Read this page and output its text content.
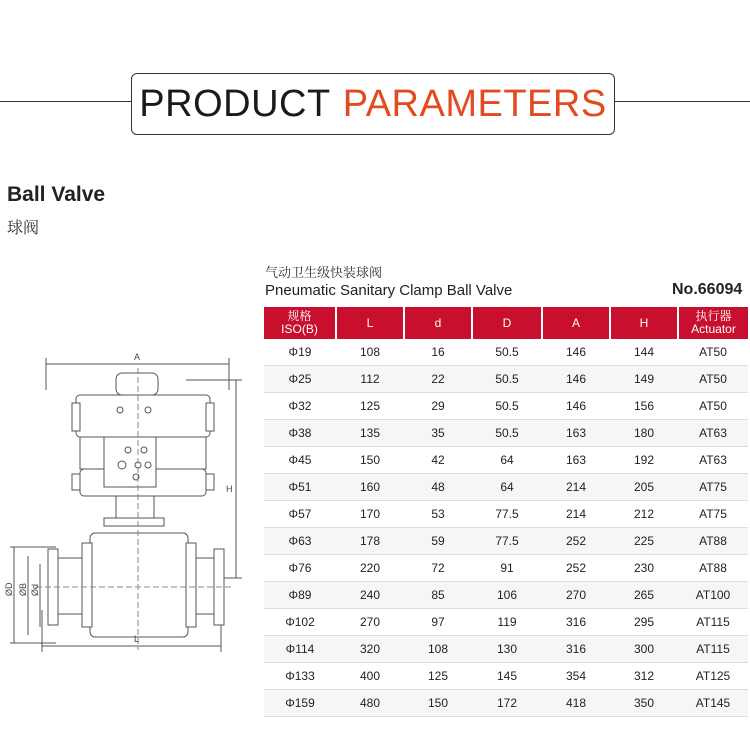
PRODUCT PARAMETERS
Ball Valve
球阀
气动卫生级快装球阀
Pneumatic Sanitary Clamp Ball Valve	No.66094
A
H
L
ØD ØB Ød
规格
ISO(B)	L	d	D	A	H	执行器
Actuator
Φ19	108	16	50.5	146	144	AT50
Φ25	112	22	50.5	146	149	AT50
Φ32	125	29	50.5	146	156	AT50
Φ38	135	35	50.5	163	180	AT63
Φ45	150	42	64	163	192	AT63
Φ51	160	48	64	214	205	AT75
Φ57	170	53	77.5	214	212	AT75
Φ63	178	59	77.5	252	225	AT88
Φ76	220	72	91	252	230	AT88
Φ89	240	85	106	270	265	AT100
Φ102	270	97	119	316	295	AT115
Φ114	320	108	130	316	300	AT115
Φ133	400	125	145	354	312	AT125
Φ159	480	150	172	418	350	AT145
